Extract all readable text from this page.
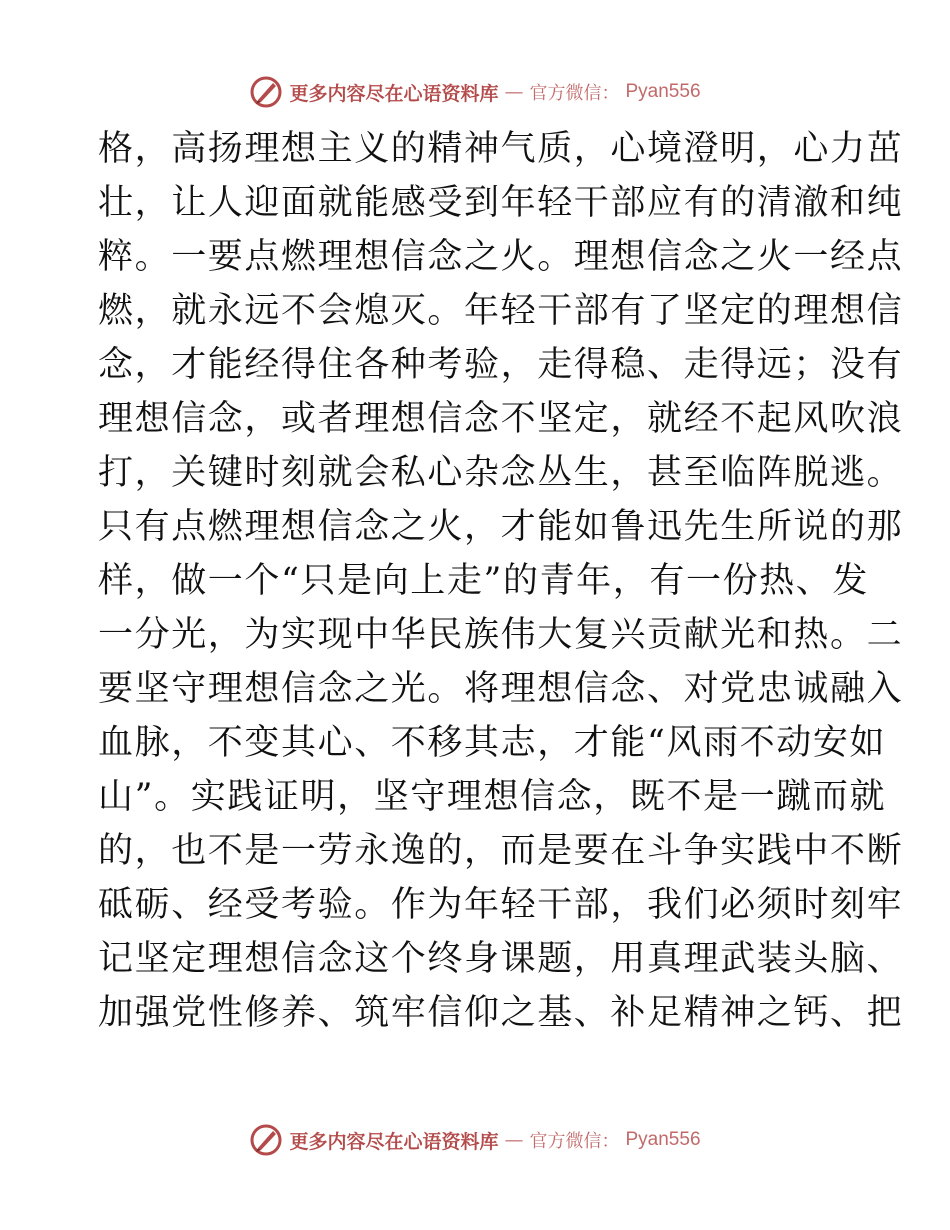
更多内容尽在心语资料库 — 官方微信： Pyan556
格，高扬理想主义的精神气质，心境澄明，心力茁
壮，让人迎面就能感受到年轻干部应有的清澈和纯
粹。一要点燃理想信念之火。理想信念之火一经点
燃，就永远不会熄灭。年轻干部有了坚定的理想信
念，才能经得住各种考验，走得稳、走得远；没有
理想信念，或者理想信念不坚定，就经不起风吹浪
打，关键时刻就会私心杂念丛生，甚至临阵脱逃。
只有点燃理想信念之火，才能如鲁迅先生所说的那
样，做一个“只是向上走”的青年，有一份热、发
一分光，为实现中华民族伟大复兴贡献光和热。二
要坚守理想信念之光。将理想信念、对党忠诚融入
血脉，不变其心、不移其志，才能“风雨不动安如
山”。实践证明，坚守理想信念，既不是一蹴而就
的，也不是一劳永逸的，而是要在斗争实践中不断
砥砺、经受考验。作为年轻干部，我们必须时刻牢
记坚定理想信念这个终身课题，用真理武装头脑、
加强党性修养、筑牢信仰之基、补足精神之钙、把
更多内容尽在心语资料库 — 官方微信： Pyan556
